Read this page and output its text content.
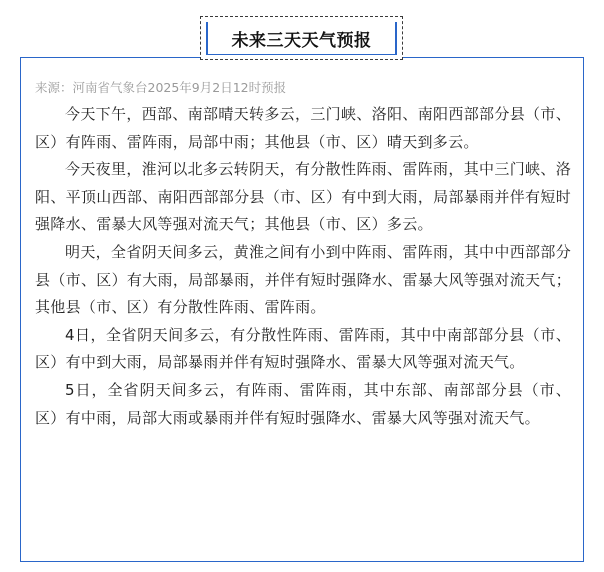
未来三天天气预报
来源：河南省气象台2025年9月2日12时预报

今天下午，西部、南部晴天转多云，三门峡、洛阳、南阳西部部分县（市、区）有阵雨、雷阵雨，局部中雨；其他县（市、区）晴天到多云。

今天夜里，淮河以北多云转阴天，有分散性阵雨、雷阵雨，其中三门峡、洛阳、平顶山西部、南阳西部部分县（市、区）有中到大雨，局部暴雨并伴有短时强降水、雷暴大风等强对流天气；其他县（市、区）多云。

明天，全省阴天间多云，黄淮之间有小到中阵雨、雷阵雨，其中中西部部分县（市、区）有大雨，局部暴雨，并伴有短时强降水、雷暴大风等强对流天气；其他县（市、区）有分散性阵雨、雷阵雨。

4日，全省阴天间多云，有分散性阵雨、雷阵雨，其中中南部部分县（市、区）有中到大雨，局部暴雨并伴有短时强降水、雷暴大风等强对流天气。

5日，全省阴天间多云，有阵雨、雷阵雨，其中东部、南部部分县（市、区）有中雨，局部大雨或暴雨并伴有短时强降水、雷暴大风等强对流天气。
